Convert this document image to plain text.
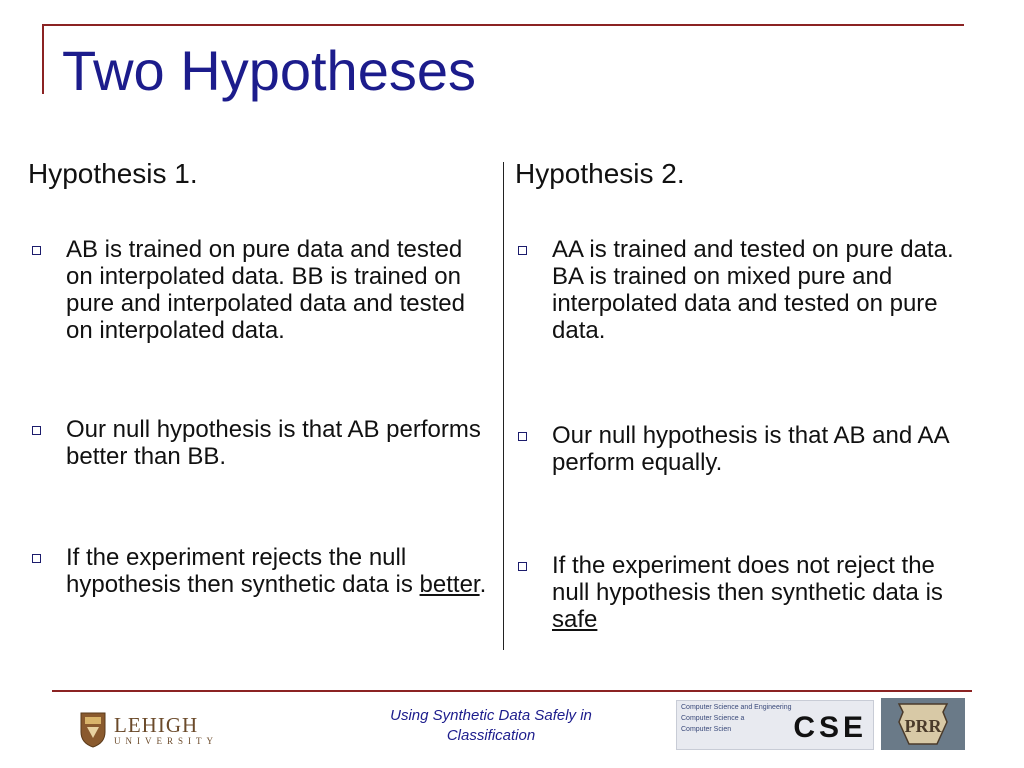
Two Hypotheses

Hypothesis 1.

AB is trained on pure data and tested on interpolated data. BB is trained on pure and interpolated data and tested on interpolated data.
Our null hypothesis is that AB performs better than BB.
If the experiment rejects the null hypothesis then synthetic data is better.

Hypothesis 2.

AA is trained and tested on pure data. BA is trained on mixed pure and interpolated data and tested on pure data.
Our null hypothesis is that AB and AA perform equally.
If the experiment does not reject the null hypothesis then synthetic data is safe
LEHIGH
UNIVERSITY
Using Synthetic Data Safely in
Classification
Computer Science and Engineering
Computer Science a
Computer Scien CSE PRR
